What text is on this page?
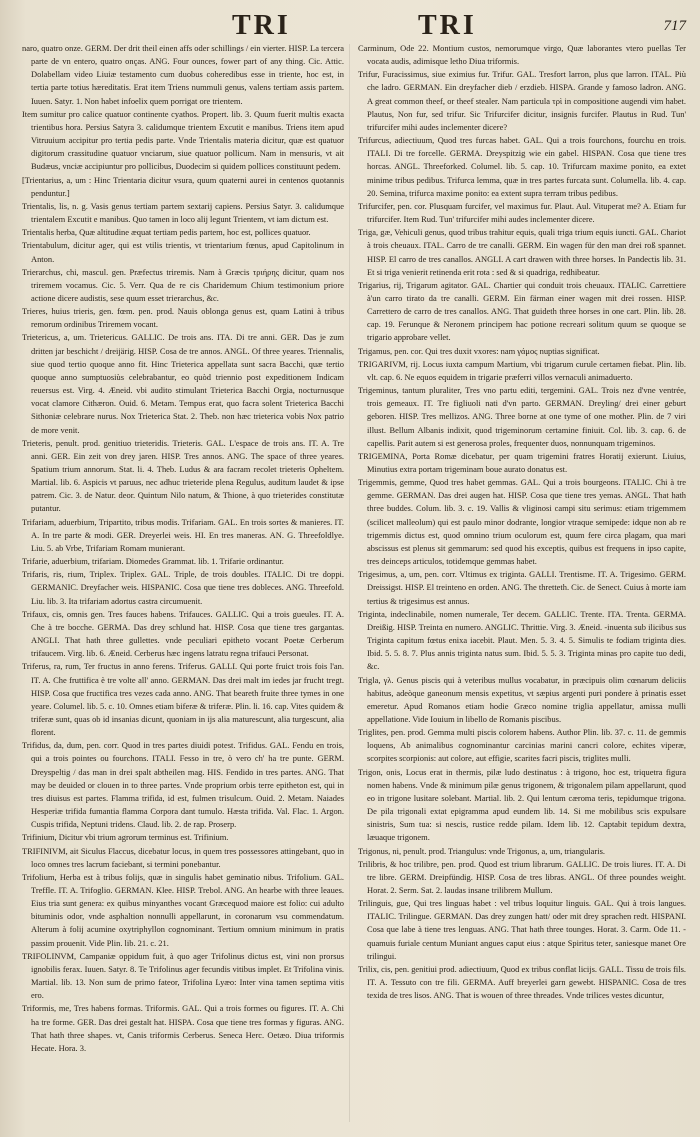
TRI	TRI	717

naro, quatro onze. GERM. Der drit theil einen affs oder schillings / ein vierter. HISP. La tercera parte de vn entero, quatro onças. ANG. Four ounces, fower part of any thing. Cic. Attic. Dolabellam video Liuiæ testamento cum duobus coheredibus esse in triente, hoc est, in tertia parte totius hæreditatis. Erat item Triens nummuli genus, valens tertiam assis partem. Iuuen. Satyr. 1. Non habet infoelix quem porrigat ore trientem.

Item sumitur pro calice quatuor continente cyathos. Propert. lib. 3. Quum fuerit multis exacta trientibus hora. Persius Satyra 3. calidumque trientem Excutit e manibus. Triens item apud Vitruuium accipitur pro tertia pedis parte. Vnde Trientalis materia dicitur, quæ est quatuor digitorum crassitudine quatuor vnciarum, siue quatuor pollicum. Nam in mensuris, vt ait Budæus, vnciæ accipiuntur pro pollicibus, Duodecim si quidem pollices constituunt pedem.

[Trientarius, a, um : Hinc Trientaria dicitur vsura, quum quaterni aurei in centenos quotannis penduntur.]

Trientalis, lis, n. g. Vasis genus tertiam partem sextarij capiens. Persius Satyr. 3. calidumque trientalem Excutit e manibus. Quo tamen in loco alij legunt Trientem, vt iam dictum est.

Trientalis herba, Quæ altitudine æquat tertiam pedis partem, hoc est, pollices quatuor.

Trientabulum, dicitur ager, qui est vtilis trientis, vt trientarium fœnus, apud Capitolinum in Anton.

Trierarchus, chi, mascul. gen. Præfectus triremis. Nam à Græcis τριήρης dicitur, quam nos triremem vocamus. Cic. 5. Verr. Qua de re cis Charidemum Chium testimonium priore actione dicere audistis, sese quum esset trierarchus, &c.

Trieres, huius trieris, gen. fœm. pen. prod. Nauis oblonga genus est, quam Latini à tribus remorum ordinibus Triremem vocant.

Trietericus, a, um. Trietericus. GALLIC. De trois ans. ITA. Di tre anni. GER. Das je zum dritten jar beschicht / dreijärig. HISP. Cosa de tre annos. ANGL. Of three yeares. Triennalis, siue quod tertio quoque anno fit. Hinc Trieterica appellata sunt sacra Bacchi, quæ tertio quoque anno sumptuosiùs celebrabantur, eo quòd triennio post expeditionem Indicam reuersus est. Virg. 4. Æneid. vbi audito stimulant Trieterica Bacchi Orgia, nocturnusque vocat clamore Cithæron. Ouid. 6. Metam. Tempus erat, quo facra solent Trieterica Bacchi Sithoniæ celebrare nurus. Nox Trieterica Stat. 2. Theb. non hæc trieterica vobis Nox patrio de more venit.

Trieteris, penult. prod. genitiuo trieteridis. Trieteris. GAL. L'espace de trois ans. IT. A. Tre anni. GER. Ein zeit von drey jaren. HISP. Tres annos. ANG. The space of three yeares. Spatium trium annorum. Stat. li. 4. Theb. Ludus & ara facram recolet trieteris Opheltem. Martial. lib. 6. Aspicis vt paruus, nec adhuc trieteride plena Regulus, auditum laudet & ipse patrem. Cic. 3. de Natur. deor. Quintum Nilo natum, & Thione, à quo trieterides constitutæ putantur.

Trifariam, aduerbium, Tripartito, tribus modis. Trifariam. GAL. En trois sortes & manieres. IT. A. In tre parte & modi. GER. Dreyerlei weis. HI. En tres maneras. AN. G. Threefoldlye. Liu. 5. ab Vrbe, Trifariam Romam munierant.

Trifarie, aduerbium, trifariam. Diomedes Grammat. lib. 1. Trifarie ordinantur.

Trifaris, ris, rium, Triplex. Triplex. GAL. Triple, de trois doubles. ITALIC. Di tre doppi. GERMANIC. Dreyfacher weis. HISPANIC. Cosa que tiene tres dobleces. ANG. Threefold. Liu. lib. 3. Ita trifariam adortus castra circumuenit.

Trifaux, cis, omnis gen. Tres fauces habens. Trifauces. GALLIC. Qui a trois gueules. IT. A. Che à tre bocche. GERMA. Das drey schlund hat. HISP. Cosa que tiene tres gargantas. ANGLI. That hath three gullettes. vnde peculiari epitheto vocant Poetæ Cerberum trifaucem. Virg. lib. 6. Æneid. Cerberus hæc ingens latratu regna trifauci Personat.

Triferus, ra, rum, Ter fructus in anno ferens. Triferus. GALLI. Qui porte fruict trois fois l'an. IT. A. Che fruttifica è tre volte all' anno. GERMAN. Das drei malt im iedes jar frucht tregt. HISP. Cosa que fructifica tres vezes cada anno. ANG. That beareth fruite three tymes in one yeare. Columel. lib. 5. c. 10. Omnes etiam biferæ & triferæ. Plin. li. 16. cap. Vites quidem & triferæ sunt, quas ob id insanias dicunt, quoniam in ijs alia maturescunt, alia turgescunt, alia florent.

Trifidus, da, dum, pen. corr. Quod in tres partes diuidi potest. Trifidus. GAL. Fendu en trois, qui a trois pointes ou fourchons. ITALI. Fesso in tre, ò vero ch' ha tre punte. GERM. Dreyspeltig / das man in drei spalt abtheilen mag. HIS. Fendido in tres partes. ANG. That may be deuided or clouen in to three partes. Vnde proprium orbis terre epitheton est, qui in tres diuisus est partes. Flamma trifida, id est, fulmen trisulcum. Ouid. 2. Metam. Naiades Hesperiæ trifida fumantia flamma Corpora dant tumulo. Hæsta trifida. Val. Flac. 1. Argon. Cuspis trifida, Neptuni tridens. Claud. lib. 2. de rap. Proserp.

Trifinium, Dicitur vbi trium agrorum terminus est. Trifinium.

TRIFINIVM, ait Siculus Flaccus, dicebatur locus, in quem tres possessores attingebant, quo in loco omnes tres lacrum faciebant, si termini ponebantur.

Trifolium, Herba est à tribus folijs, quæ in singulis habet geminatio nibus. Trifolium. GAL. Treffle. IT. A. Trifoglio. GERMAN. Klee. HISP. Trebol. ANG. An hearbe with three leaues. Eius tria sunt genera: ex quibus minyanthes vocant Græcequod maiore est folio: cui adulto bituminis odor, vnde asphaltion nonnulli appellarunt, in coronarum vsu commendatum. Alterum à folij acumine oxytriphyllon cognominant. Tertium omnium minimum in pratis passim prouenit. Vide Plin. lib. 21. c. 21.

TRIFOLINVM, Campaniæ oppidum fuit, à quo ager Trifolinus dictus est, vini non prorsus ignobilis ferax. Iuuen. Satyr. 8. Te Trifolinus ager fecundis vitibus implet. Et Trifolina vinis. Martial. lib. 13. Non sum de primo fateor, Trifolina Lyæo: Inter vina tamen septima vitis ero.

Triformis, me, Tres habens formas. Triformis. GAL. Qui a trois formes ou figures. IT. A. Chi ha tre forme. GER. Das drei gestalt hat. HISPA. Cosa que tiene tres formas y figuras. ANG. That hath three shapes. vt, Canis triformis Cerberus. Seneca Herc. Oetæo. Diua triformis Hecate. Hora. 3.

Carminum, Ode 22. Montium custos, nemorumque virgo, Quæ laborantes vtero puellas Ter vocata audis, adimisque letho Diua triformis.

Trifur, Furacissimus, siue eximius fur. Trifur. GAL. Tresfort larron, plus que larron. ITAL. Più che ladro. GERMAN. Ein dreyfacher dieb / erzdieb. HISPA. Grande y famoso ladron. ANG. A great common theef, or theef stealer. Nam particula τρὶ in compositione augendi vim habet. Plautus, Non fur, sed trifur. Sic Trifurcifer dicitur, insignis furcifer. Plautus in Rud. Tun' trifurcifer mihi audes inclementer dicere?

Trifurcus, adiectiuum, Quod tres furcas habet. GAL. Qui a trois fourchons, fourchu en trois. ITALI. Di tre forcelle. GERMA. Dreyspitzig wie ein gabel. HISPAN. Cosa que tiene tres horcas. ANGL. Threeforked. Columel. lib. 5. cap. 10. Trifurcam maxime ponito, ea extet minime tribus pedibus. Trifurca lemma, quæ in tres partes furcata sunt. Columella. lib. 4. cap. 20. Semina, trifurca maxime ponito: ea extent supra terram tribus pedibus.

Trifurcifer, pen. cor. Plusquam furcifer, vel maximus fur. Plaut. Aul. Vituperat me? A. Etiam fur trifurcifer. Item Rud. Tun' trifurcifer mihi audes inclementer dicere.

Triga, gæ, Vehiculi genus, quod tribus trahitur equis, quali triga trium equis iuncti. GAL. Chariot à trois cheuaux. ITAL. Carro de tre canalli. GERM. Ein wagen für den man drei roß spannet. HISP. El carro de tres canallos. ANGLI. A cart drawen with three horses. In Pandectis lib. 31. Et si triga venierit retinenda erit rota : sed & si quadriga, redhibeatur.

Trigarius, rij, Trigarum agitator. GAL. Chartier qui conduit trois cheuaux. ITALIC. Carrettiere à'un carro tirato da tre canalli. GERM. Ein färman einer wagen mit drei rossen. HISP. Carrettero de carro de tres canallos. ANG. That guideth three horses in one cart. Plin. lib. 28. cap. 19. Ferunque & Neronem principem hac potione recreari solitum quum se quoque se trigario approbare vellet.

Trigamus, pen. cor. Qui tres duxit vxores: nam γάμος nuptias significat.

TRIGARIVM, rij. Locus iuxta campum Martium, vbi trigarum curule certamen fiebat. Plin. lib. vlt. cap. 6. Ne equos equidem in trigarie præferri villos vernaculi animaduerto.

Trigeminus, tantum pluraliter, Tres vno partu editi, tergemini. GAL. Trois nez d'vne ventrée, trois gemeaux. IT. Tre figliuoli nati d'vn parto. GERMAN. Dreyling/ drei einer geburt geboren. HISP. Tres mellizos. ANG. Three borne at one tyme of one mother. Plin. de 7 viri illust. Bellum Albanis indixit, quod trigeminorum certamine finiuit. Col. lib. 3. cap. 6. de capellis. Parit autem si est generosa proles, frequenter duos, nonnunquam trigeminos.

TRIGEMINA, Porta Romæ dicebatur, per quam trigemini fratres Horatij exierunt. Liuius, Minutius extra portam trigeminam boue aurato donatus est.

Trigemmis, gemme, Quod tres habet gemmas. GAL. Qui a trois bourgeons. ITALIC. Chi à tre gemme. GERMAN. Das drei augen hat. HISP. Cosa que tiene tres yemas. ANGL. That hath three buddes. Colum. lib. 3. c. 19. Vallis & vliginosi campi situ serimus: etiam trigemmem (scilicet malleolum) qui est paulo minor dodrante, longior vtraque semipede: idque non ab re trigemmis dictus est, quod omnino trium oculorum est, quum fere circa plagam, qua mari abscissus est plenus sit gemmarum: sed quod his exceptis, quibus est frequens in ipso capite, tres deinceps articulos, totidemque gemmas habet.

Trigesimus, a, um, pen. corr. Vltimus ex triginta. GALLI. Trentisme. IT. A. Trigesimo. GERM. Dreissigst. HISP. El treinteno en orden. ANG. The thretteth. Cic. de Senect. Cuius à morte iam tertius & trigesimus est annus.

Triginta, indeclinabile, nomen numerale, Ter decem. GALLIC. Trente. ITA. Trenta. GERMA. Dreißig. HISP. Treinta en numero. ANGLIC. Thrittie. Virg. 3. Æneid. -inuenta sub ilicibus sus Triginta capitum fœtus enixa iacebit. Plaut. Men. 5. 3. 4. 5. Simulis te fodiam triginta dies. Ibid. 5. 5. 8. 7. Plus annis triginta natus sum. Ibid. 5. 5. 3. Triginta minas pro capite tuo dedi, &c.

Trigla, γλ. Genus piscis qui à veteribus mullus vocabatur, in præcipuis olim cœnarum deliciis habitus, adeòque ganeonum mensis expetitus, vt sæpius argenti puri pondere à prinatis esset emeretur. Apud Romanos etiam hodie Græco nomine triglia appellatur, amissa mulli appellatione. Vide Iouium in libello de Romanis piscibus.

Triglites, pen. prod. Gemma multi piscis colorem habens. Author Plin. lib. 37. c. 11. de gemmis loquens, Ab animalibus cognominantur carcinias marini cancri colore, echites viperæ, scorpites scorpionis: aut colore, aut effigie, scarites facri piscis, triglites mulli.

Trigon, onis, Locus erat in thermis, pilæ ludo destinatus : à trigono, hoc est, triquetra figura nomen habens. Vnde & minimum pilæ genus trigonem, & trigonalem pilam appellarunt, quod eo in trigone lusitare solebant. Martial. lib. 2. Qui lentum cæroma teris, tepidumque trigona. De pila trigonali extat epigramma apud eundem lib. 14. Si me mobilibus scis expulsare sinistris, Sum tua: si nescis, rustice redde pilam. Idem lib. 12. Captabit tepidum dextra, læuaque trigonem.

Trigonus, ni, penult. prod. Triangulus: vnde Trigonus, a, um, triangularis.

Trilibris, & hoc trilibre, pen. prod. Quod est trium librarum. GALLIC. De trois liures. IT. A. Di tre libre. GERM. Dreipfündig. HISP. Cosa de tres libras. ANGL. Of three poundes weight. Horat. 2. Serm. Sat. 2. laudas insane trilibrem Mullum.

Trilinguis, gue, Qui tres linguas habet : vel tribus loquitur linguis. GAL. Qui à trois langues. ITALIC. Trilingue. GERMAN. Das drey zungen hatt/ oder mit drey sprachen redt. HISPANI. Cosa que labe à tiene tres lenguas. ANG. That hath three tounges. Horat. 3. Carm. Ode 11. -quamuis furiale centum Muniant angues caput eius : atque Spiritus teter, saniesque manet Ore trilingui.

Trilix, cis, pen. genitiui prod. adiectiuum, Quod ex tribus conflat licijs. GALL. Tissu de trois fils. IT. A. Tessuto con tre fili. GERMA. Auff breyerlei garn gewebt. HISPANIC. Cosa de tres texida de tres lisos. ANG. That is wouen of three threades. Vnde trilices vestes dicuntur,
